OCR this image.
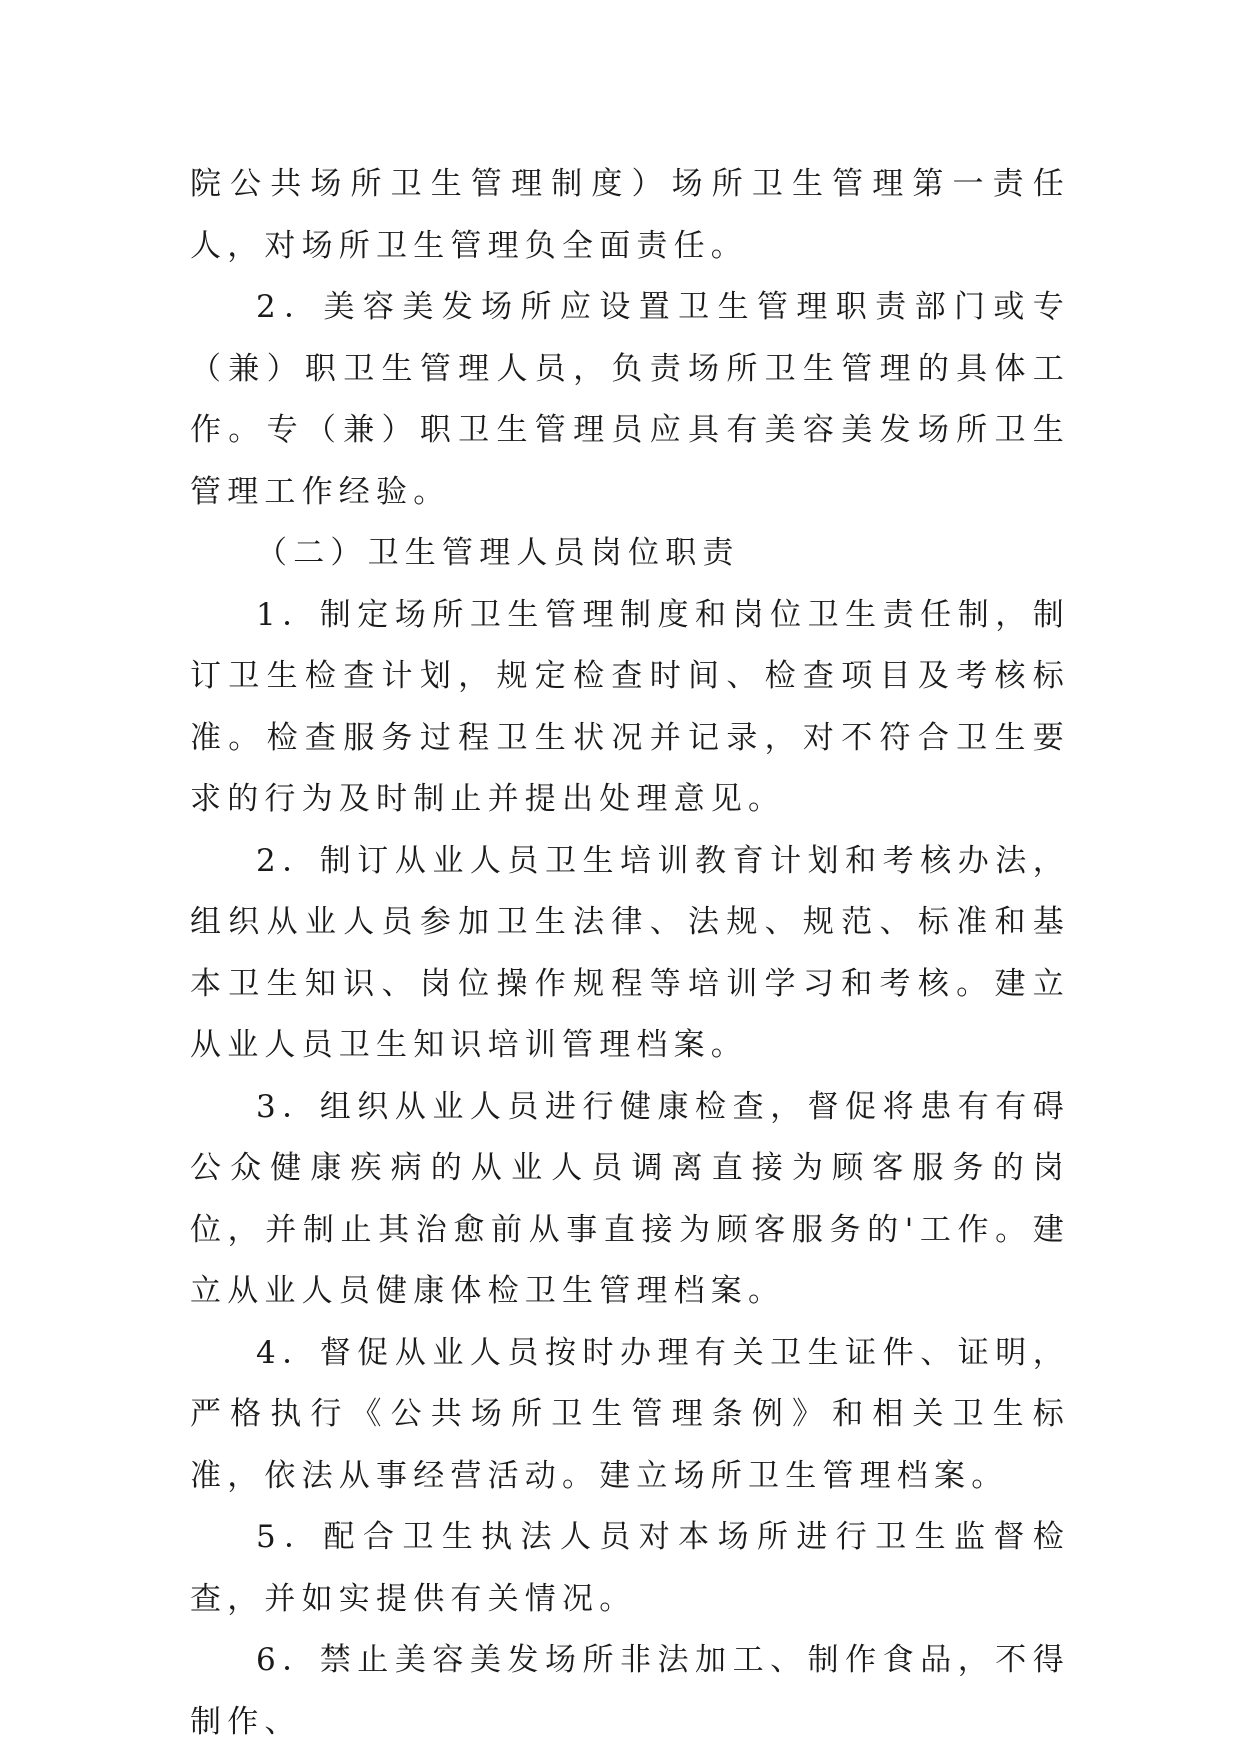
院公共场所卫生管理制度）场所卫生管理第一责任人，对场所卫生管理负全面责任。

2．美容美发场所应设置卫生管理职责部门或专（兼）职卫生管理人员，负责场所卫生管理的具体工作。专（兼）职卫生管理员应具有美容美发场所卫生管理工作经验。

（二）卫生管理人员岗位职责

1．制定场所卫生管理制度和岗位卫生责任制，制订卫生检查计划，规定检查时间、检查项目及考核标准。检查服务过程卫生状况并记录，对不符合卫生要求的行为及时制止并提出处理意见。

2．制订从业人员卫生培训教育计划和考核办法，组织从业人员参加卫生法律、法规、规范、标准和基本卫生知识、岗位操作规程等培训学习和考核。建立从业人员卫生知识培训管理档案。

3．组织从业人员进行健康检查，督促将患有有碍公众健康疾病的从业人员调离直接为顾客服务的岗位，并制止其治愈前从事直接为顾客服务的'工作。建立从业人员健康体检卫生管理档案。

4．督促从业人员按时办理有关卫生证件、证明，严格执行《公共场所卫生管理条例》和相关卫生标准，依法从事经营活动。建立场所卫生管理档案。

5．配合卫生执法人员对本场所进行卫生监督检查，并如实提供有关情况。

6．禁止美容美发场所非法加工、制作食品，不得制作、
